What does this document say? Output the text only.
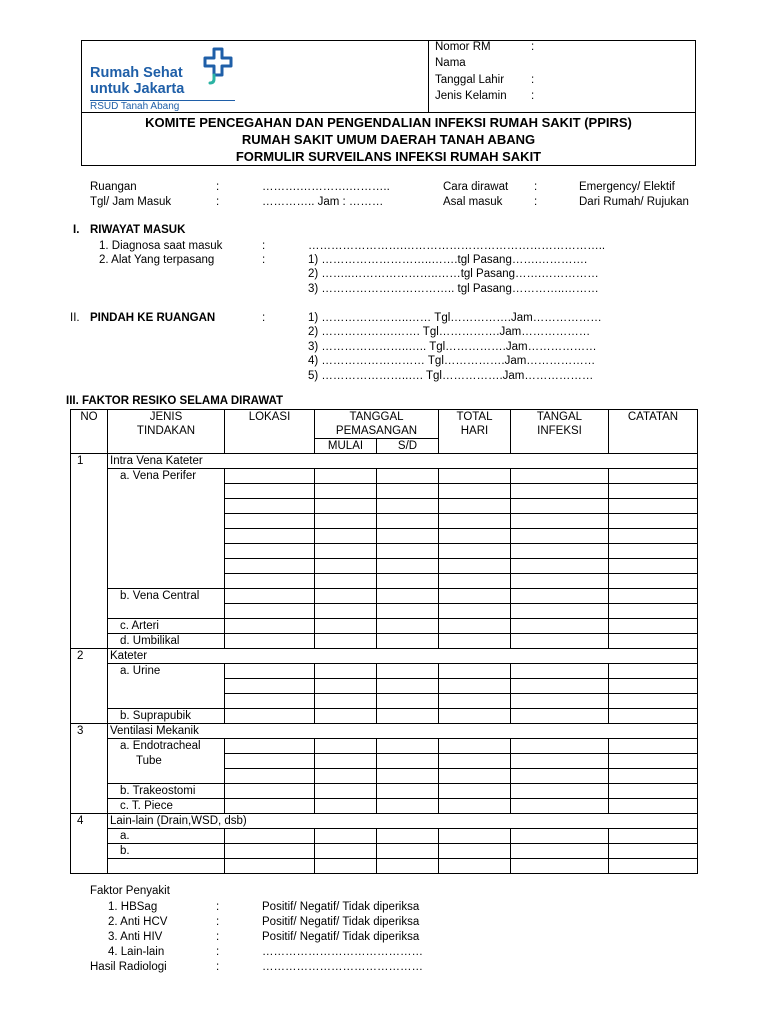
Rumah Sehat
untuk Jakarta
RSUD Tanah Abang
Nomor RM	:
Nama
Tanggal Lahir :
Jenis Kelamin :
KOMITE PENCEGAHAN DAN PENGENDALIAN INFEKSI RUMAH SAKIT (PPIRS)
RUMAH SAKIT UMUM DAERAH TANAH ABANG
FORMULIR SURVEILANS INFEKSI RUMAH SAKIT
Ruangan	:	……….………….………..	Cara dirawat :	Emergency/ Elektif
Tgl/ Jam Masuk	:	………….. Jam : ………	Asal masuk	:	Dari Rumah/ Rujukan
I. RIWAYAT MASUK
1. Diagnosa saat masuk	:	…………………….……………………………………………..
2. Alat Yang terpasang	:	1) ………………………..…….tgl Pasang…….………….
2) ……..…………………..……tgl Pasang…….……………
3) …………………………….. tgl Pasang…………..………
II. PINDAH KE RUANGAN	:	1) …………………..…… Tgl…………….Jam………………
2) ……………….……. Tgl…………….Jam………………
3) …………………..….. Tgl…………….Jam………………
4) ……………………… Tgl…………….Jam………………
5) …………………..…. Tgl…………….Jam………………
III. FAKTOR RESIKO SELAMA DIRAWAT
NO	JENIS	LOKASI	TANGGAL		TOTAL	TANGAL	CATATAN
	TINDAKAN		PEMASANGAN		HARI	INFEKSI	
			MULAI	S/D			
1	Intra Vena Kateter						
	a. Vena Perifer						

	b. Vena Central						

	c. Arteri						
	d. Umbilikal						
2	Kateter						
	a. Urine						

	b. Suprapubik						
3	Ventilasi Mekanik						
	a. Endotracheal
Tube						

	b. Trakeostomi						
	c. T. Piece						
4	Lain-lain (Drain,WSD, dsb)						
	a.						
	b.						

Faktor Penyakit
1. HBSag	:	Positif/ Negatif/ Tidak diperiksa
2. Anti HCV	:	Positif/ Negatif/ Tidak diperiksa
3. Anti HIV	:	Positif/ Negatif/ Tidak diperiksa
4. Lain-lain	:	……………………………………
Hasil Radiologi	:	……………………………………
